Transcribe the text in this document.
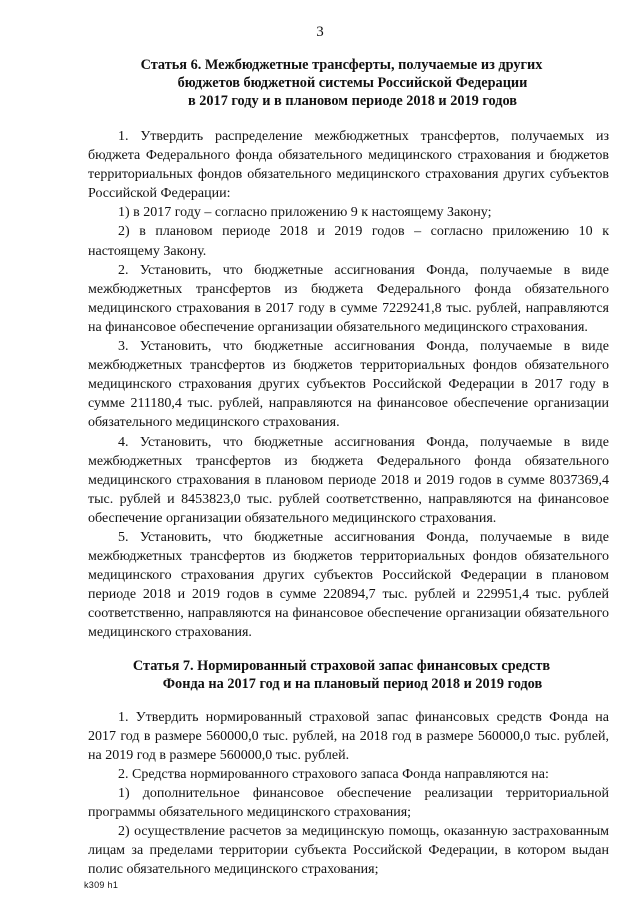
3
Статья 6. Межбюджетные трансферты, получаемые из других
бюджетов бюджетной системы Российской Федерации
в 2017 году и в плановом периоде 2018 и 2019 годов

1. Утвердить распределение межбюджетных трансфертов, получаемых из бюджета Федерального фонда обязательного медицинского страхования и бюджетов территориальных фондов обязательного медицинского страхования других субъектов Российской Федерации:

1) в 2017 году – согласно приложению 9 к настоящему Закону;

2) в плановом периоде 2018 и 2019 годов – согласно приложению 10 к настоящему Закону.

2. Установить, что бюджетные ассигнования Фонда, получаемые в виде межбюджетных трансфертов из бюджета Федерального фонда обязательного медицинского страхования в 2017 году в сумме 7229241,8 тыс. рублей, направляются на финансовое обеспечение организации обязательного медицинского страхования.

3. Установить, что бюджетные ассигнования Фонда, получаемые в виде межбюджетных трансфертов из бюджетов территориальных фондов обязательного медицинского страхования других субъектов Российской Федерации в 2017 году в сумме 211180,4 тыс. рублей, направляются на финансовое обеспечение организации обязательного медицинского страхования.

4. Установить, что бюджетные ассигнования Фонда, получаемые в виде межбюджетных трансфертов из бюджета Федерального фонда обязательного медицинского страхования в плановом периоде 2018 и 2019 годов в сумме 8037369,4 тыс. рублей и 8453823,0 тыс. рублей соответственно, направляются на финансовое обеспечение организации обязательного медицинского страхования.

5. Установить, что бюджетные ассигнования Фонда, получаемые в виде межбюджетных трансфертов из бюджетов территориальных фондов обязательного медицинского страхования других субъектов Российской Федерации в плановом периоде 2018 и 2019 годов в сумме 220894,7 тыс. рублей и 229951,4 тыс. рублей соответственно, направляются на финансовое обеспечение организации обязательного медицинского страхования.

Статья 7. Нормированный страховой запас финансовых средств
Фонда на 2017 год и на плановый период 2018 и 2019 годов

1. Утвердить нормированный страховой запас финансовых средств Фонда на 2017 год в размере 560000,0 тыс. рублей, на 2018 год в размере 560000,0 тыс. рублей, на 2019 год в размере 560000,0 тыс. рублей.

2. Средства нормированного страхового запаса Фонда направляются на:

1) дополнительное финансовое обеспечение реализации территориальной программы обязательного медицинского страхования;

2) осуществление расчетов за медицинскую помощь, оказанную застрахованным лицам за пределами территории субъекта Российской Федерации, в котором выдан полис обязательного медицинского страхования;

k309 h1
